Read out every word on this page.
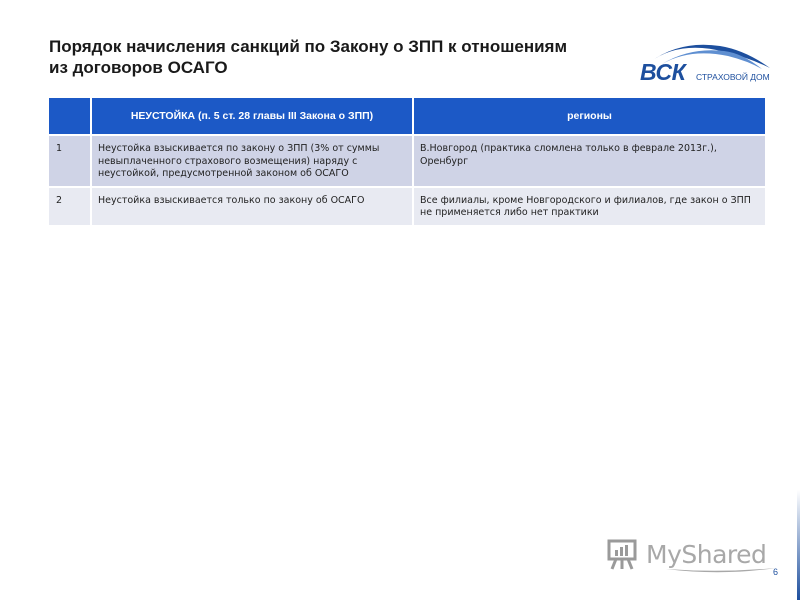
Порядок начисления санкций по Закону о ЗПП к отношениям
из договоров ОСАГО	ВСК СТРАХОВОЙ ДОМ
	НЕУСТОЙКА (п. 5 ст. 28 главы III Закона о ЗПП)	регионы
1	Неустойка взыскивается по закону о ЗПП (3% от суммы невыплаченного страхового возмещения) наряду с неустойкой, предусмотренной законом об ОСАГО	В.Новгород (практика сломлена только в феврале 2013г.), Оренбург
2	Неустойка взыскивается только по закону об ОСАГО	Все филиалы, кроме Новгородского и филиалов, где закон о ЗПП не применяется либо нет практики
MyShared
6
